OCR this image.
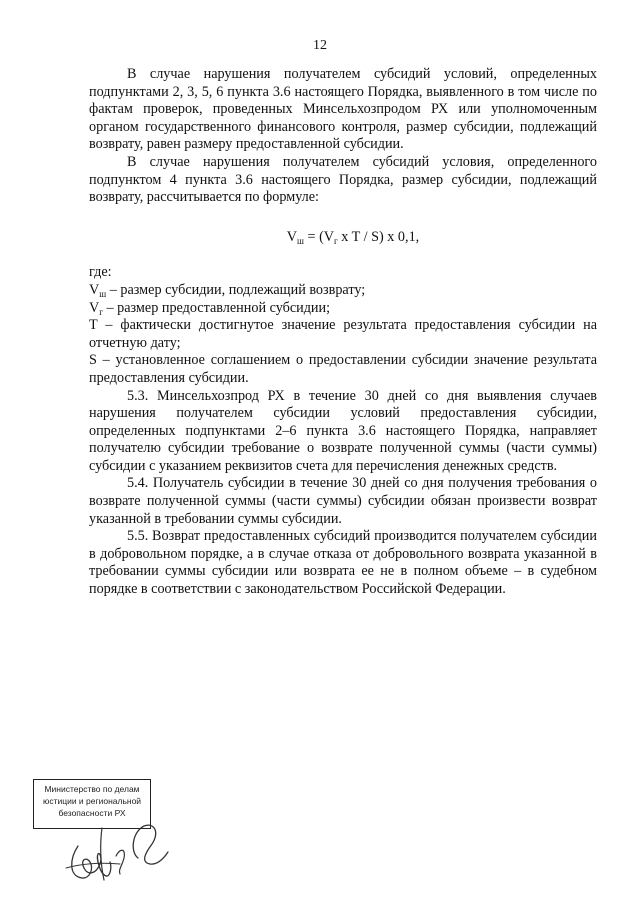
12

В случае нарушения получателем субсидий условий, определенных подпунктами 2, 3, 5, 6 пункта 3.6 настоящего Порядка, выявленного в том числе по фактам проверок, проведенных Минсельхозпродом РХ или уполномоченным органом государственного финансового контроля, размер субсидии, подлежащий возврату, равен размеру предоставленной субсидии.

В случае нарушения получателем субсидий условия, определенного подпунктом 4 пункта 3.6 настоящего Порядка, размер субсидии, подлежащий возврату, рассчитывается по формуле:

$V_ш = (V_г$ x T / S) x 0,1,

где:

$V_ш$ – размер субсидии, подлежащий возврату;

$V_г$ – размер предоставленной субсидии;

T – фактически достигнутое значение результата предоставления субсидии на отчетную дату;

S – установленное соглашением о предоставлении субсидии значение результата предоставления субсидии.

5.3. Минсельхозпрод РХ в течение 30 дней со дня выявления случаев нарушения получателем субсидии условий предоставления субсидии, определенных подпунктами 2–6 пункта 3.6 настоящего Порядка, направляет получателю субсидии требование о возврате полученной суммы (части суммы) субсидии с указанием реквизитов счета для перечисления денежных средств.

5.4. Получатель субсидии в течение 30 дней со дня получения требования о возврате полученной суммы (части суммы) субсидии обязан произвести возврат указанной в требовании суммы субсидии.

5.5. Возврат предоставленных субсидий производится получателем субсидии в добровольном порядке, а в случае отказа от добровольного возврата указанной в требовании суммы субсидии или возврата ее не в полном объеме – в судебном порядке в соответствии с законодательством Российской Федерации.

Министерство по делам
юстиции и региональной
безопасности РХ
